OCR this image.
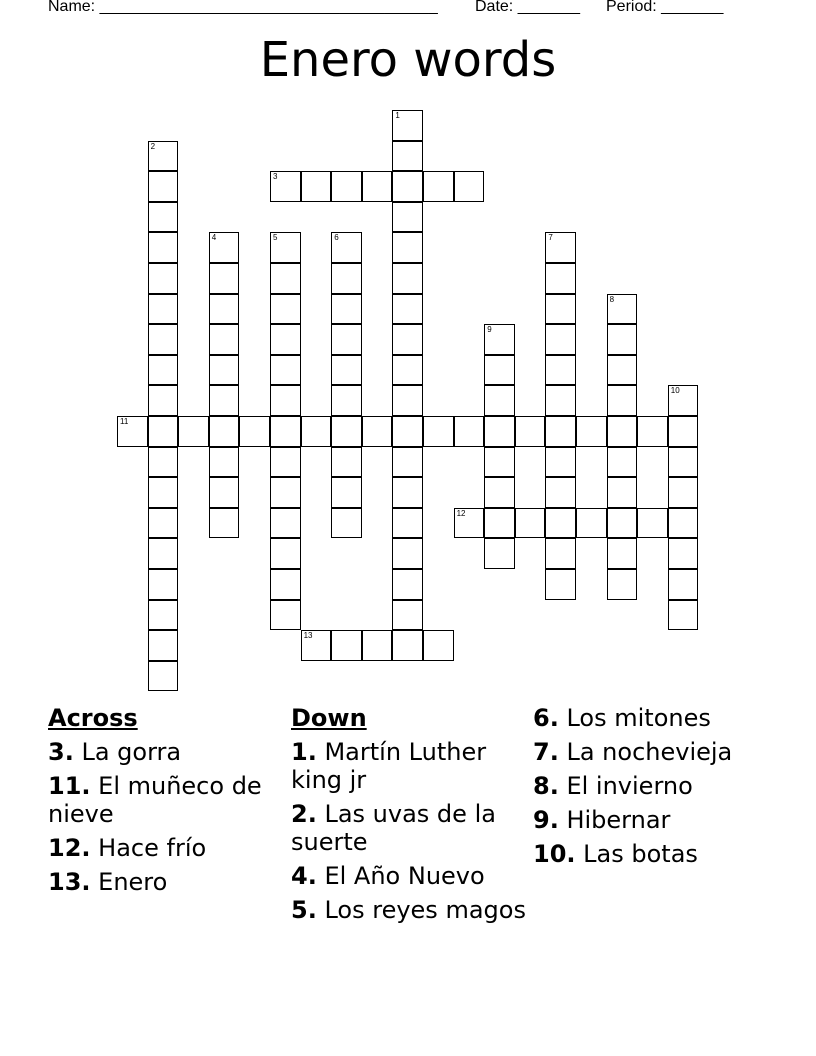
Name: ______________________________________ Date: _______ Period: _______
Enero words
1
2
3
4	5	6	7
8
9
10
11
12
13
Across
3. La gorra
11. El muñeco de nieve
12. Hace frío
13. Enero
Down
1. Martín Luther king jr
2. Las uvas de la suerte
4. El Año Nuevo
5. Los reyes magos
6. Los mitones
7. La nochevieja
8. El invierno
9. Hibernar
10. Las botas
